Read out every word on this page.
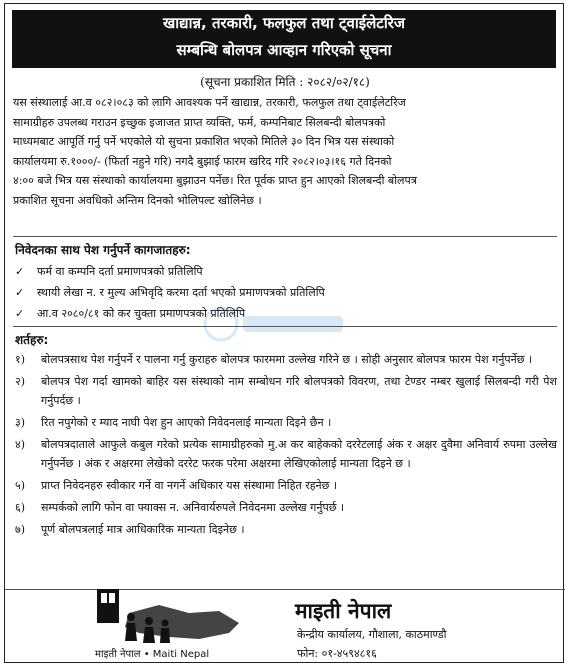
खाद्यान्न, तरकारी, फलफुल तथा ट्वाईलेटरिज
सम्बन्धि बोलपत्र आव्हान गरिएको सूचना
(सूचना प्रकाशित मिति : २०८२/०२/१८)
यस संस्थालाई आ.व ०८२।०८३ को लागि आवश्यक पर्ने खाद्यान्न, तरकारी, फलफुल तथा ट्वाईलेटरिज
सामाग्रीहरु उपलब्ध गराउन इच्छुक इजाजत प्राप्त व्यक्ति, फर्म, कम्पनिबाट सिलबन्दी बोलपत्रको
माध्यमबाट आपूर्ति गर्नु पर्ने भएकोले यो सुचना प्रकाशित भएको मितिले ३० दिन भित्र यस संस्थाको
कार्यालयमा रु.१०००/- (फिर्ता नहुने गरि) नगदै बुझाई फारम खरिद गरि २०८२।०३।१६ गते दिनको
४:०० बजे भित्र यस संस्थाको कार्यालयमा बुझाउन पर्नेछ। रित पूर्वक प्राप्त हुन आएको शिलबन्दी बोलपत्र
प्रकाशित सूचना अवधिको अन्तिम दिनको भोलिपल्ट खोलिनेछ ।
निवेदनका साथ पेश गर्नुपर्ने कागजातहरु:
✓	फर्म वा कम्पनि दर्ता प्रमाणपत्रको प्रतिलिपि
✓	स्थायी लेखा न. र मुल्य अभिवृदि करमा दर्ता भएको प्रमाणपत्रको प्रतिलिपि
✓	आ.व २०८०/८१ को कर चुक्ता प्रमाणपत्रको प्रतिलिपि
शर्तहरु:
१)	बोलपत्रसाथ पेश गर्नुपर्ने र पालना गर्नु कुराहरु बोलपत्र फारममा उल्लेख गरिने छ । सोही अनुसार बोलपत्र फारम पेश गर्नुपर्नेछ ।
२)	बोलपत्र पेश गर्दा खामको बाहिर यस संस्थाको नाम सम्बोधन गरि बोलपत्रको विवरण, तथा टेण्डर नम्बर खुलाई सिलबन्दी गरी पेश गर्नुपर्दछ ।
३)	रित नपुगेको र म्याद नाघी पेश हुन आएको निवेदनलाई मान्यता दिइने छैन ।
४)	बोलपत्रदाताले आफुले कबुल गरेको प्रत्येक सामाग्रीहरुको मु.अ कर बाहेकको दररेटलाई अंक र अक्षर दुवैमा अनिवार्य रुपमा उल्लेख गर्नुपर्नेछ । अंक र अक्षरमा लेखेको दररेट फरक परेमा अक्षरमा लेखिएकोलाई मान्यता दिइने छ ।
५)	प्राप्त निवेदनहरु स्वीकार गर्ने वा नगर्ने अधिकार यस संस्थामा निहित रहनेछ ।
६)	सम्पर्कको लागि फोन वा फ्याक्स न. अनिवार्यरुपले निवेदनमा उल्लेख गर्नुपर्छ ।
७)	पूर्ण बोलपत्रलाई मात्र आधिकारिक मान्यता दिइनेछ ।
माइती नेपाल • Maiti Nepal
माइती नेपाल
केन्द्रीय कार्यालय, गौशाला, काठमाण्डौ
फोन: ०१-४५९४८१६
